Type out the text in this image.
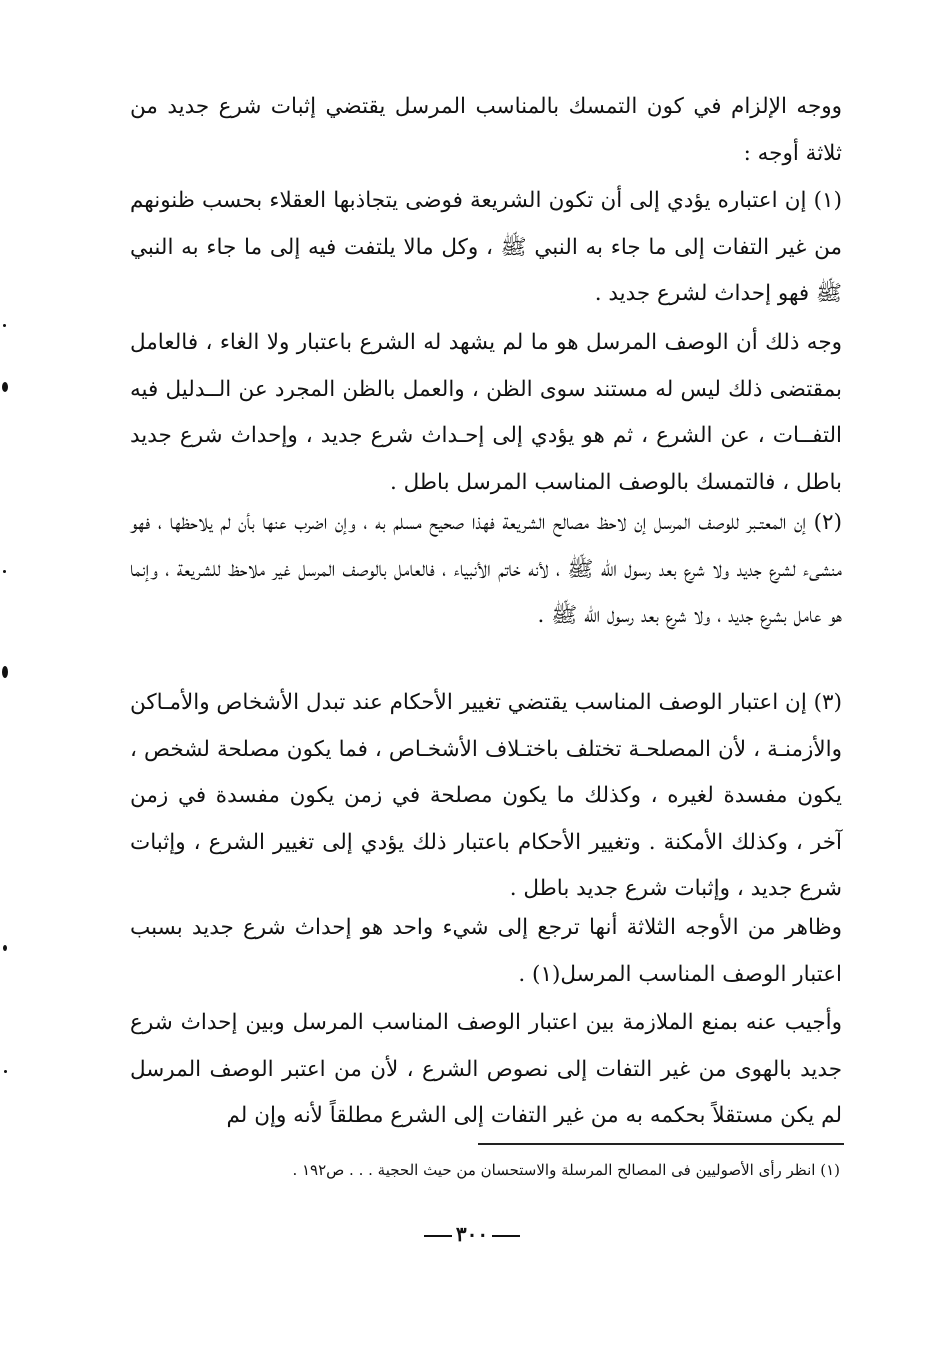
ووجه الإلزام في كون التمسك بالمناسب المرسل يقتضي إثبات شرع جديد من ثلاثة أوجه :

(١) إن اعتباره يؤدي إلى أن تكون الشريعة فوضى يتجاذبها العقلاء بحسب ظنونهم من غير التفات إلى ما جاء به النبي ﷺ ، وكل مالا يلتفت فيه إلى ما جاء به النبي ﷺ فهو إحداث لشرع جديد .

وجه ذلك أن الوصف المرسل هو ما لم يشهد له الشرع باعتبار ولا الغاء ، فالعامل بمقتضى ذلك ليس له مستند سوى الظن ، والعمل بالظن المجرد عن الــدليل فيه التفــات ، عن الشرع ، ثم هو يؤدي إلى إحـداث شرع جديد ، وإحداث شرع جديد باطل ، فالتمسك بالوصف المناسب المرسل باطل .

(٢) إن المعتـبر للوصف المرسل إن لاحظ مصالح الشريعة فهذا صحيح مسلم به ، وإن اضرب عنها بأن لم يلاحظها ، فهو منشىء لشرع جديد ولا شرع بعد رسول الله ﷺ ، لأنه خاتم الأنبياء ، فالعامل بالوصف المرسل غير ملاحظ للشريعة ، وإنما هو عامل بشرع جديد ، ولا شرع بعد رسول الله ﷺ .

(٣) إن اعتبار الوصف المناسب يقتضي تغيير الأحكام عند تبدل الأشخاص والأمـاكن والأزمنـة ، لأن المصلحـة تختلف باختـلاف الأشخـاص ، فما يكون مصلحة لشخص ، يكون مفسدة لغيره ، وكذلك ما يكون مصلحة في زمن يكون مفسدة في زمن آخر ، وكذلك الأمكنة . وتغيير الأحكام باعتبار ذلك يؤدي إلى تغيير الشرع ، وإثبات شرع جديد ، وإثبات شرع جديد باطل .

وظاهر من الأوجه الثلاثة أنها ترجع إلى شيء واحد هو إحداث شرع جديد بسبب اعتبار الوصف المناسب المرسل(١) .

وأجيب عنه بمنع الملازمة بين اعتبار الوصف المناسب المرسل وبين إحداث شرع جديد بالهوى من غير التفات إلى نصوص الشرع ، لأن من اعتبر الوصف المرسل لم يكن مستقلاً بحكمه به من غير التفات إلى الشرع مطلقاً لأنه وإن لم

(١) انظر رأى الأصوليين فى المصالح المرسلة والاستحسان من حيث الحجية . . . ص١٩٢ .
٣٠٠
